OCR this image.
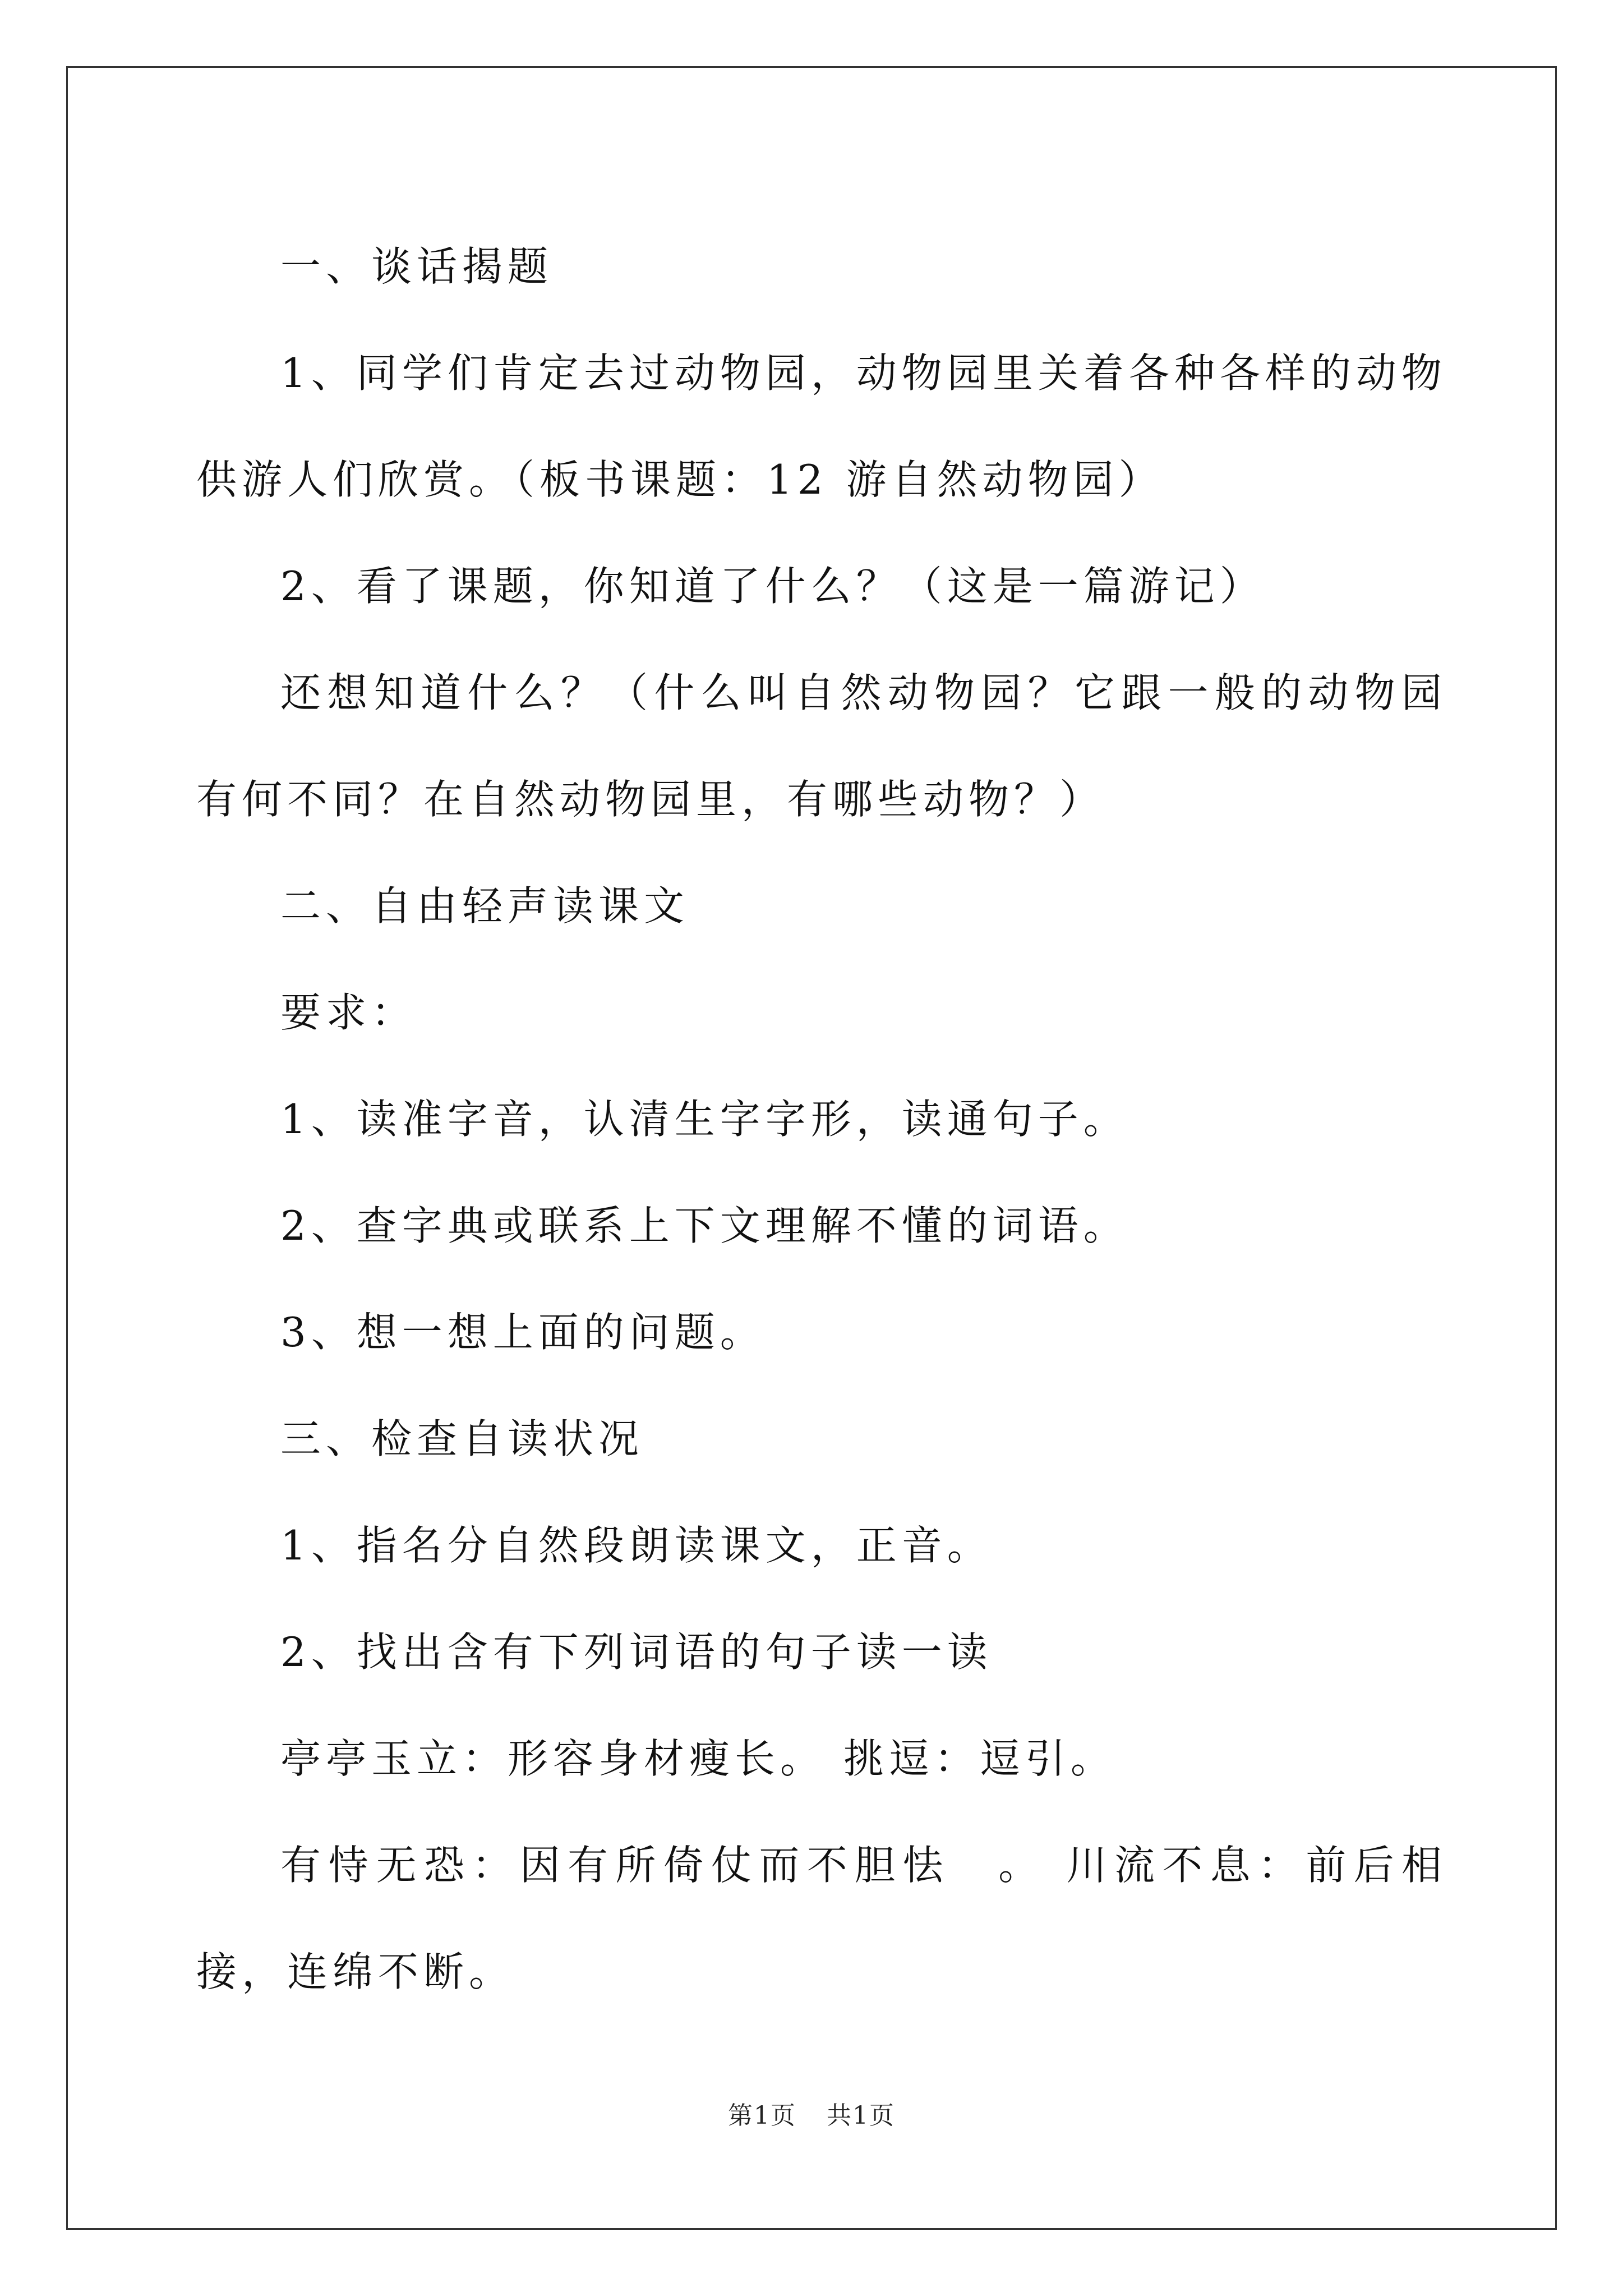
一、谈话揭题

1、同学们肯定去过动物园，动物园里关着各种各样的动物供游人们欣赏。（板书课题：12 游自然动物园）

2、看了课题，你知道了什么？（这是一篇游记）

还想知道什么？（什么叫自然动物园？它跟一般的动物园有何不同？在自然动物园里，有哪些动物？）

二、自由轻声读课文

要求：

1、读准字音，认清生字字形，读通句子。

2、查字典或联系上下文理解不懂的词语。

3、想一想上面的问题。

三、检查自读状况

1、指名分自然段朗读课文，正音。

2、找出含有下列词语的句子读一读

亭亭玉立：形容身材瘦长。 挑逗：逗引。

有恃无恐：因有所倚仗而不胆怯　。 川流不息：前后相接，连绵不断。

第1页 共1页
